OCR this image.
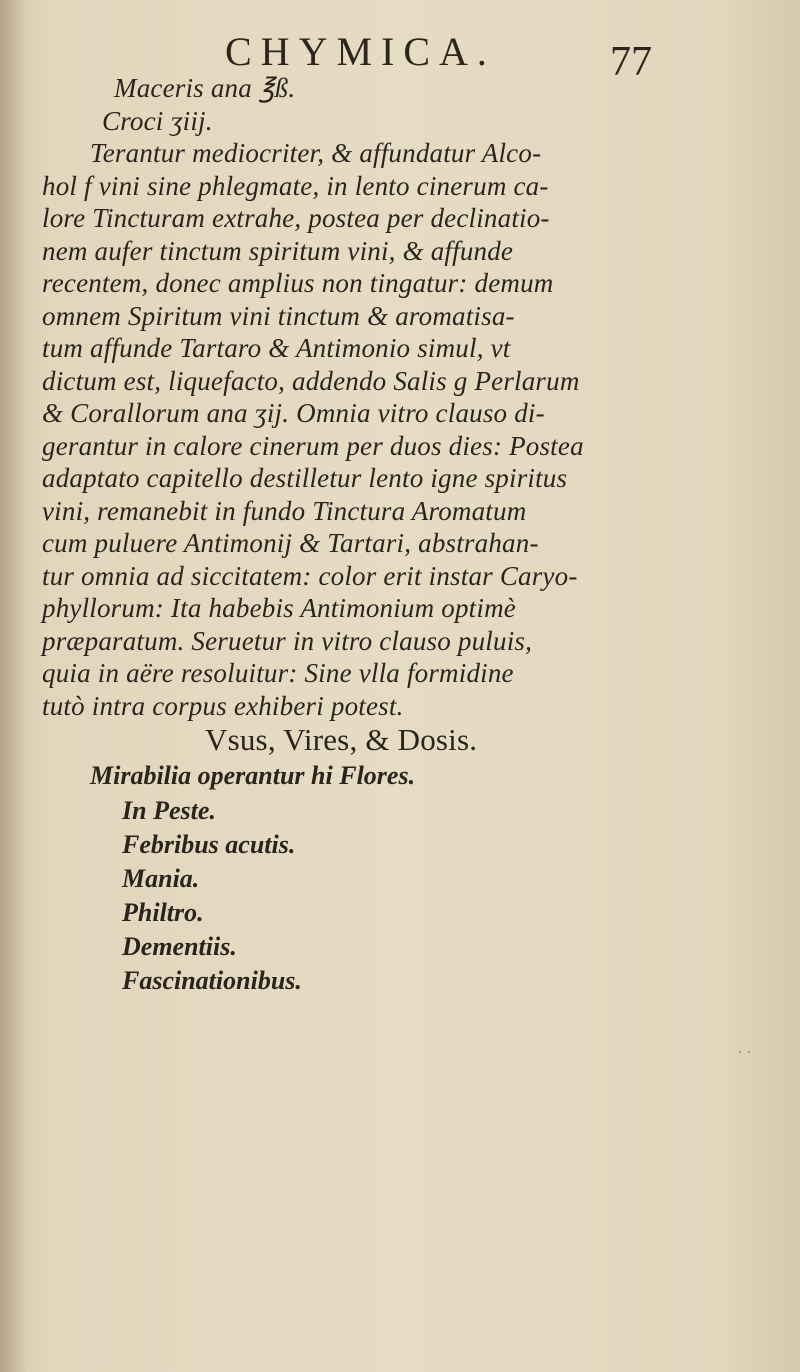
CHYMICA.	77
Maceris ana ℥ß.
Croci ʒiij.
Terantur mediocriter, & affundatur Alco-
hol f vini sine phlegmate, in lento cinerum ca-
lore Tincturam extrahe, postea per declinatio-
nem aufer tinctum spiritum vini, & affunde
recentem, donec amplius non tingatur: demum
omnem Spiritum vini tinctum & aromatisa-
tum affunde Tartaro & Antimonio simul, vt
dictum est, liquefacto, addendo Salis g Perlarum
& Corallorum ana ʒij. Omnia vitro clauso di-
gerantur in calore cinerum per duos dies: Postea
adaptato capitello destilletur lento igne spiritus
vini, remanebit in fundo Tinctura Aromatum
cum puluere Antimonij & Tartari, abstrahan-
tur omnia ad siccitatem: color erit instar Caryo-
phyllorum: Ita habebis Antimonium optimè
præparatum. Seruetur in vitro clauso puluis,
quia in aëre resoluitur: Sine vlla formidine
tutò intra corpus exhiberi potest.
Vsus, Vires, & Dosis.
Mirabilia operantur hi Flores.
In Peste.
Febribus acutis.
Mania.
Philtro.
Dementiis.
Fascinationibus.
· ·
